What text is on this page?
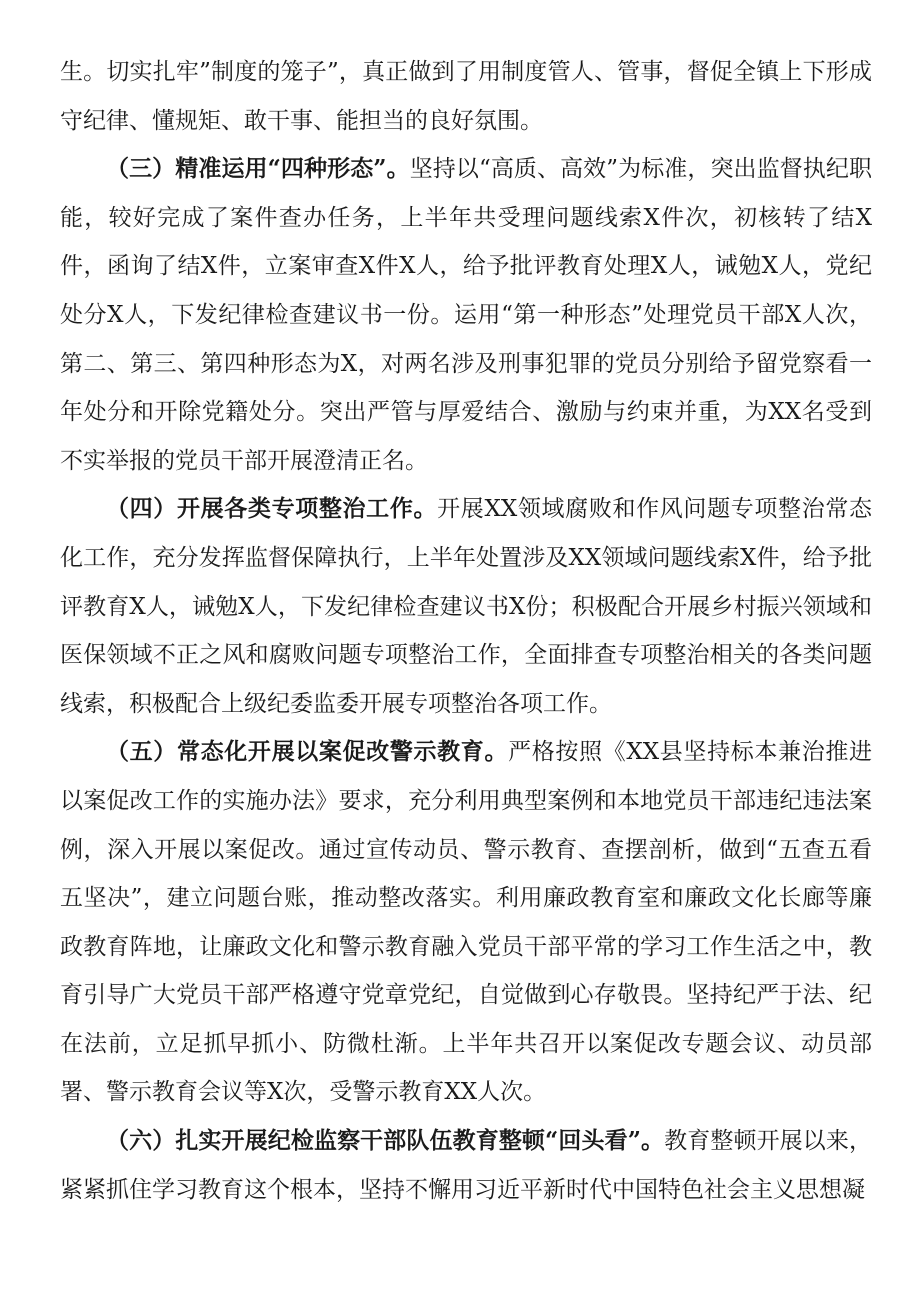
生。切实扎牢”制度的笼子”，真正做到了用制度管人、管事，督促全镇上下形成守纪律、懂规矩、敢干事、能担当的良好氛围。

（三）精准运用“四种形态”。坚持以“高质、高效”为标准，突出监督执纪职能，较好完成了案件查办任务，上半年共受理问题线索X件次，初核转了结X件，函询了结X件，立案审查X件X人，给予批评教育处理X人，诫勉X人，党纪处分X人，下发纪律检查建议书一份。运用“第一种形态”处理党员干部X人次，第二、第三、第四种形态为X，对两名涉及刑事犯罪的党员分别给予留党察看一年处分和开除党籍处分。突出严管与厚爱结合、激励与约束并重，为XX名受到不实举报的党员干部开展澄清正名。

（四）开展各类专项整治工作。开展XX领域腐败和作风问题专项整治常态化工作，充分发挥监督保障执行，上半年处置涉及XX领域问题线索X件，给予批评教育X人，诫勉X人，下发纪律检查建议书X份；积极配合开展乡村振兴领域和医保领域不正之风和腐败问题专项整治工作，全面排查专项整治相关的各类问题线索，积极配合上级纪委监委开展专项整治各项工作。

（五）常态化开展以案促改警示教育。严格按照《XX县坚持标本兼治推进以案促改工作的实施办法》要求，充分利用典型案例和本地党员干部违纪违法案例，深入开展以案促改。通过宣传动员、警示教育、查摆剖析，做到“五查五看五坚决”，建立问题台账，推动整改落实。利用廉政教育室和廉政文化长廊等廉政教育阵地，让廉政文化和警示教育融入党员干部平常的学习工作生活之中，教育引导广大党员干部严格遵守党章党纪，自觉做到心存敬畏。坚持纪严于法、纪在法前，立足抓早抓小、防微杜渐。上半年共召开以案促改专题会议、动员部署、警示教育会议等X次，受警示教育XX人次。

（六）扎实开展纪检监察干部队伍教育整顿“回头看”。教育整顿开展以来，紧紧抓住学习教育这个根本，坚持不懈用习近平新时代中国特色社会主义思想凝
